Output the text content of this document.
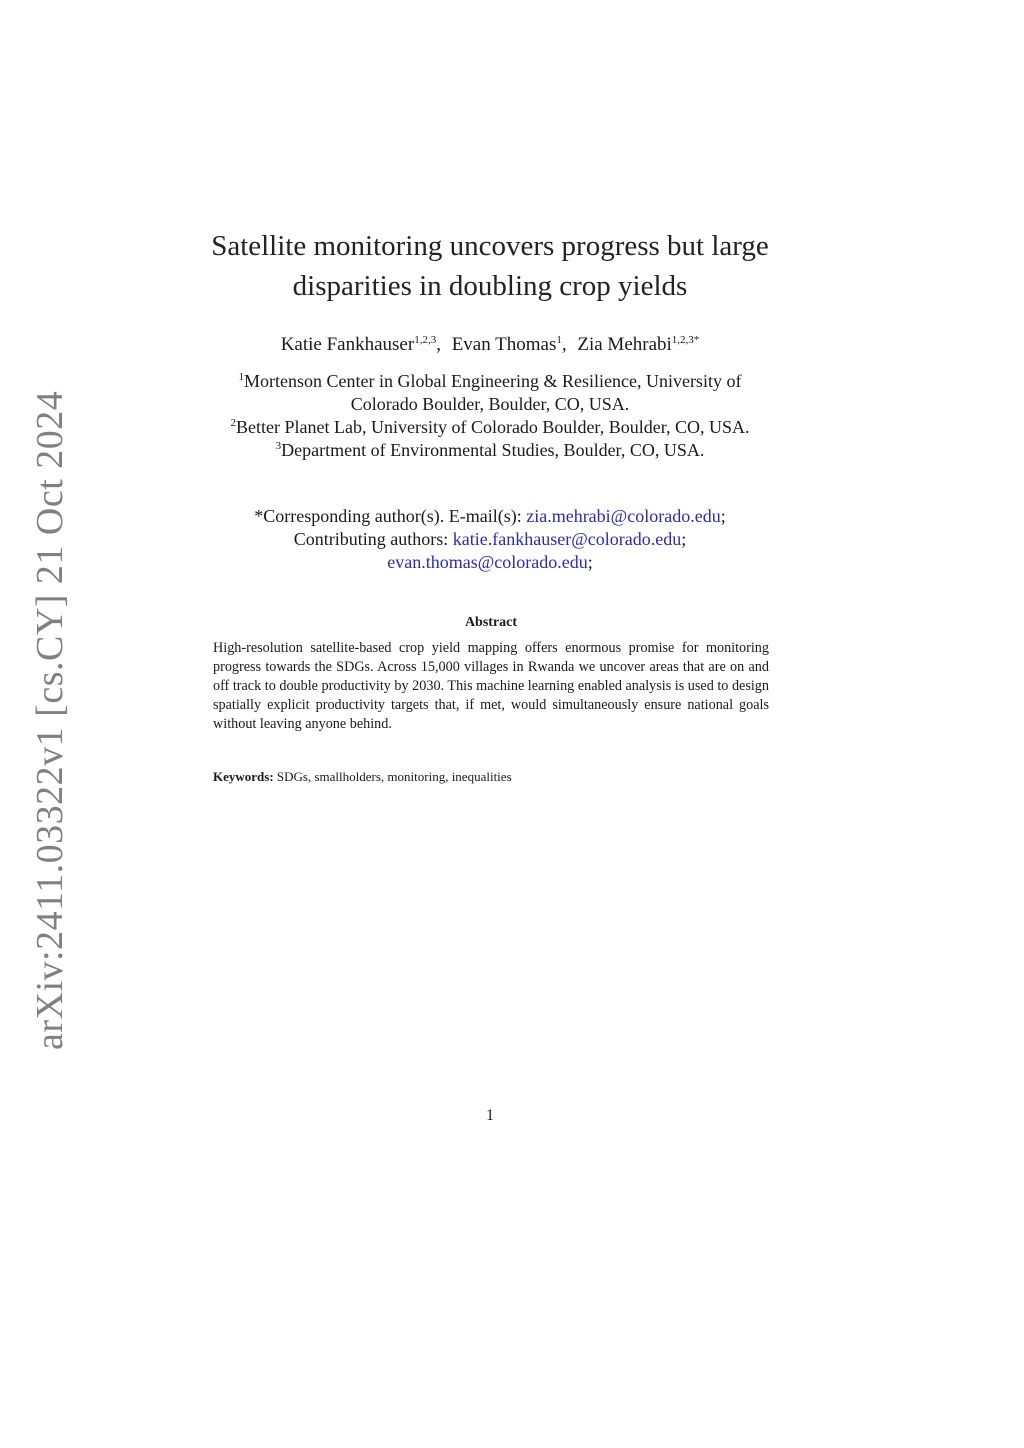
arXiv:2411.03322v1 [cs.CY] 21 Oct 2024
Satellite monitoring uncovers progress but large
disparities in doubling crop yields
Katie Fankhauser$^{1,2,3}$, Evan Thomas$^1$, Zia Mehrabi$^{1,2,3*}$
$^1$Mortenson Center in Global Engineering & Resilience, University of
Colorado Boulder, Boulder, CO, USA.
$^2$Better Planet Lab, University of Colorado Boulder, Boulder, CO, USA.
$^3$Department of Environmental Studies, Boulder, CO, USA.
*Corresponding author(s). E-mail(s): zia.mehrabi@colorado.edu;
Contributing authors: katie.fankhauser@colorado.edu;
evan.thomas@colorado.edu;
Abstract
High-resolution satellite-based crop yield mapping offers enormous promise for monitoring progress towards the SDGs. Across 15,000 villages in Rwanda we uncover areas that are on and off track to double productivity by 2030. This machine learning enabled analysis is used to design spatially explicit productivity targets that, if met, would simultaneously ensure national goals without leaving anyone behind.
Keywords: SDGs, smallholders, monitoring, inequalities
1
